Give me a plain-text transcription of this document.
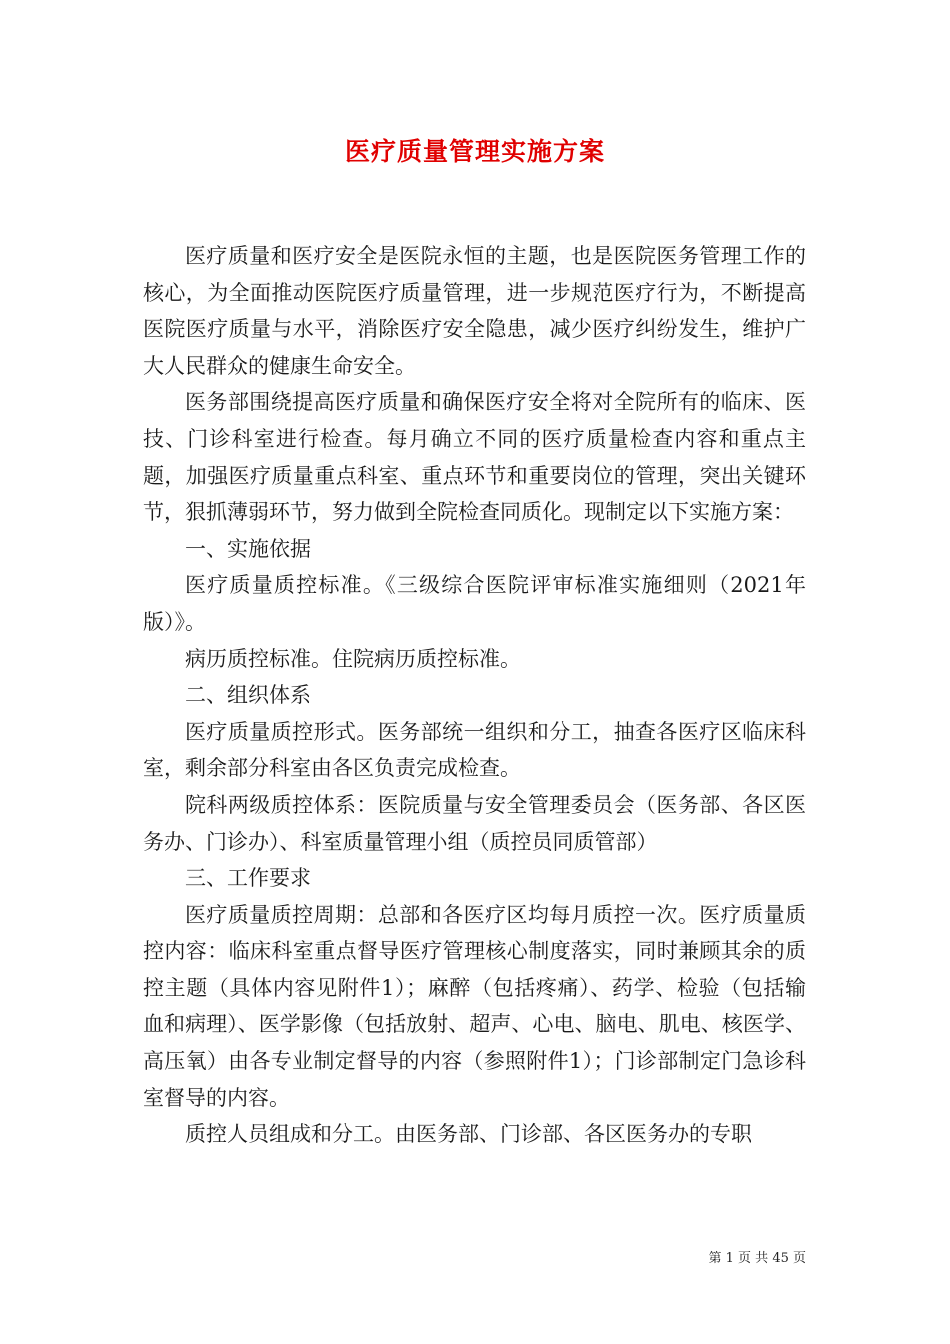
医疗质量管理实施方案

医疗质量和医疗安全是医院永恒的主题，也是医院医务管理工作的核心，为全面推动医院医疗质量管理，进一步规范医疗行为，不断提高医院医疗质量与水平，消除医疗安全隐患，减少医疗纠纷发生，维护广大人民群众的健康生命安全。

医务部围绕提高医疗质量和确保医疗安全将对全院所有的临床、医技、门诊科室进行检查。每月确立不同的医疗质量检查内容和重点主题，加强医疗质量重点科室、重点环节和重要岗位的管理，突出关键环节，狠抓薄弱环节，努力做到全院检查同质化。现制定以下实施方案：

一、实施依据

医疗质量质控标准。《三级综合医院评审标准实施细则（2021年版）》。

病历质控标准。住院病历质控标准。

二、组织体系

医疗质量质控形式。医务部统一组织和分工，抽查各医疗区临床科室，剩余部分科室由各区负责完成检查。

院科两级质控体系：医院质量与安全管理委员会（医务部、各区医务办、门诊办）、科室质量管理小组（质控员同质管部）

三、工作要求

医疗质量质控周期：总部和各医疗区均每月质控一次。医疗质量质控内容：临床科室重点督导医疗管理核心制度落实，同时兼顾其余的质控主题（具体内容见附件1）；麻醉（包括疼痛）、药学、检验（包括输血和病理）、医学影像（包括放射、超声、心电、脑电、肌电、核医学、高压氧）由各专业制定督导的内容（参照附件1）；门诊部制定门急诊科室督导的内容。

质控人员组成和分工。由医务部、门诊部、各区医务办的专职

第 1 页 共 45 页
